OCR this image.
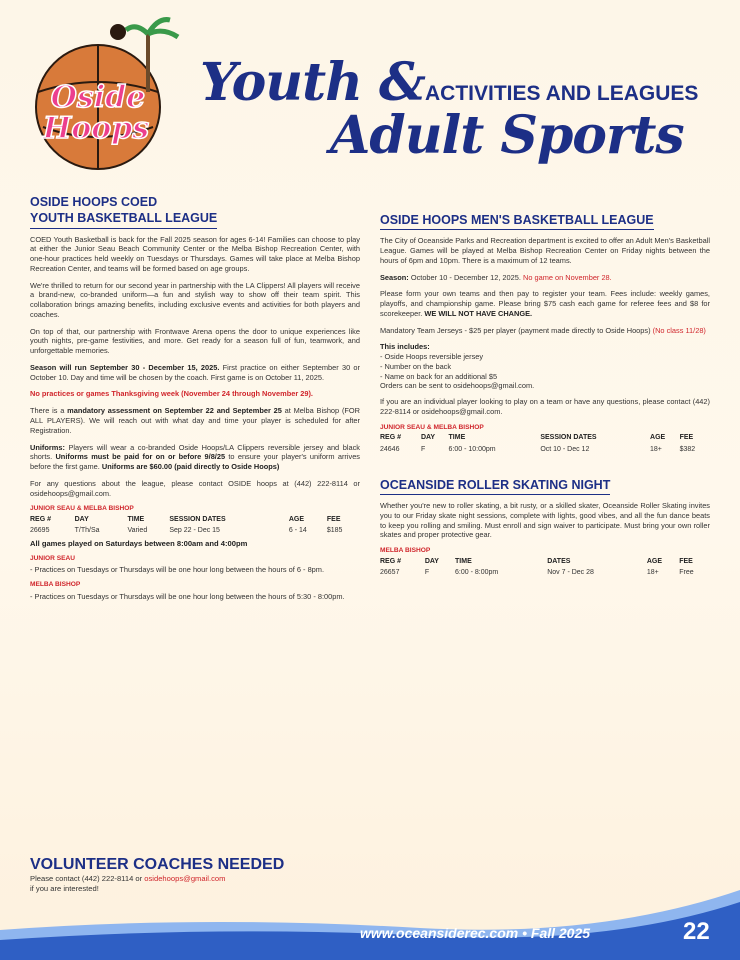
Oside
Hoops
Youth & ACTIVITIES AND LEAGUES
Adult Sports
OSIDE HOOPS COED
YOUTH BASKETBALL LEAGUE

COED Youth Basketball is back for the Fall 2025 season for ages 6-14! Families can choose to play at either the Junior Seau Beach Community Center or the Melba Bishop Recreation Center, with one-hour practices held weekly on Tuesdays or Thursdays. Games will take place at Melba Bishop Recreation Center, and teams will be formed based on age groups.

We're thrilled to return for our second year in partnership with the LA Clippers! All players will receive a brand-new, co-branded uniform—a fun and stylish way to show off their team spirit. This collaboration brings amazing benefits, including exclusive events and activities for both players and coaches.

On top of that, our partnership with Frontwave Arena opens the door to unique experiences like youth nights, pre-game festivities, and more. Get ready for a season full of fun, teamwork, and unforgettable memories.

Season will run September 30 - December 15, 2025. First practice on either September 30 or October 10. Day and time will be chosen by the coach. First game is on October 11, 2025.

No practices or games Thanksgiving week (November 24 through November 29).

There is a mandatory assessment on September 22 and September 25 at Melba Bishop (FOR ALL PLAYERS). We will reach out with what day and time your player is scheduled for after Registration.

Uniforms: Players will wear a co-branded Oside Hoops/LA Clippers reversible jersey and black shorts. Uniforms must be paid for on or before 9/8/25 to ensure your player's uniform arrives before the first game. Uniforms are $60.00 (paid directly to Oside Hoops)

For any questions about the league, please contact OSIDE hoops at (442) 222-8114 or osidehoops@gmail.com.

JUNIOR SEAU & MELBA BISHOP
REG #	DAY	TIME	SESSION DATES	AGE	FEE
26695	T/Th/Sa	Varied	Sep 22 - Dec 15	6 - 14	$185
All games played on Saturdays between 8:00am and 4:00pm
JUNIOR SEAU
- Practices on Tuesdays or Thursdays will be one hour long between the hours of 6 - 8pm.
MELBA BISHOP
- Practices on Tuesdays or Thursdays will be one hour long between the hours of 5:30 - 8:00pm.
OSIDE HOOPS MEN'S BASKETBALL LEAGUE

The City of Oceanside Parks and Recreation department is excited to offer an Adult Men's Basketball League. Games will be played at Melba Bishop Recreation Center on Friday nights between the hours of 6pm and 10pm. There is a maximum of 12 teams.

Season: October 10 - December 12, 2025. No game on November 28.

Please form your own teams and then pay to register your team. Fees include: weekly games, playoffs, and championship game. Please bring $75 cash each game for referee fees and $8 for scorekeeper. WE WILL NOT HAVE CHANGE.

Mandatory Team Jerseys - $25 per player (payment made directly to Oside Hoops) (No class 11/28)

This includes:
- Oside Hoops reversible jersey
- Number on the back
- Name on back for an additional $5
Orders can be sent to osidehoops@gmail.com.

If you are an individual player looking to play on a team or have any questions, please contact (442) 222-8114 or osidehoops@gmail.com.

JUNIOR SEAU & MELBA BISHOP
REG #	DAY	TIME	SESSION DATES	AGE	FEE
24646	F	6:00 - 10:00pm	Oct 10 - Dec 12	18+	$382
OCEANSIDE ROLLER SKATING NIGHT

Whether you're new to roller skating, a bit rusty, or a skilled skater, Oceanside Roller Skating invites you to our Friday skate night sessions, complete with lights, good vibes, and all the fun dance beats to keep you rolling and smiling. Must enroll and sign waiver to participate. Must bring your own roller skates and proper protective gear.

MELBA BISHOP
REG #	DAY	TIME	DATES	AGE	FEE
26657	F	6:00 - 8:00pm	Nov 7 - Dec 28	18+	Free
VOLUNTEER COACHES NEEDED
Please contact (442) 222-8114 or osidehoops@gmail.com
if you are interested!
www.oceansiderec.com • Fall 2025	22
